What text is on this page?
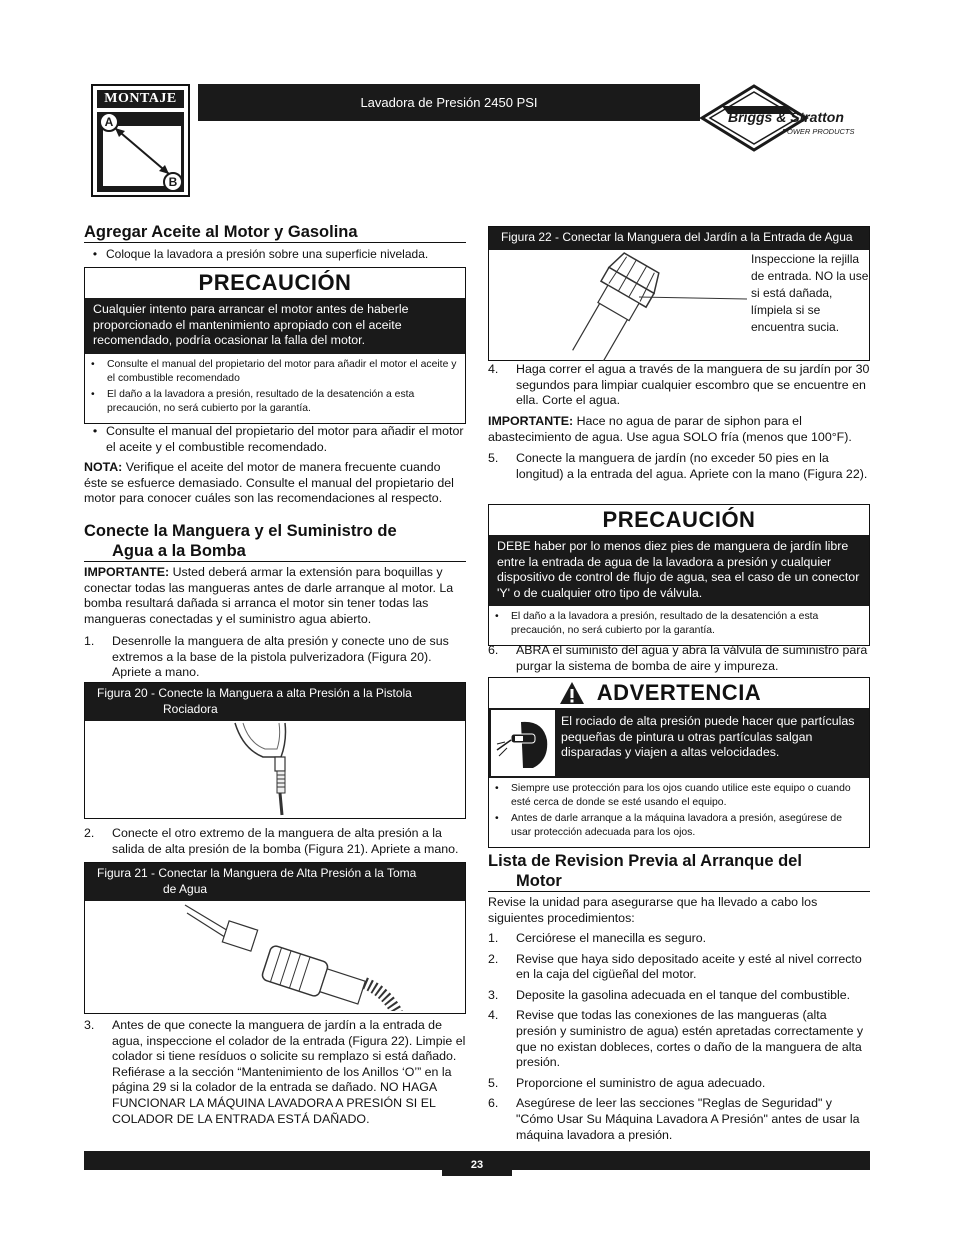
MONTAJE
A
B
Lavadora de Presión 2450 PSI
Briggs & Stratton
POWER PRODUCTS
Agregar Aceite al Motor y Gasolina
• Coloque la lavadora a presión sobre una superficie nivelada.
PRECAUCIÓN
Cualquier intento para arrancar el motor antes de haberle proporcionado el mantenimiento apropiado con el aceite recomendado, podría ocasionar la falla del motor.
•	Consulte el manual del propietario del motor para añadir el motor el aceite y el combustible recomendado
•	El daño a la lavadora a presión, resultado de la desatención a esta precaución, no será cubierto por la garantía.
• Consulte el manual del propietario del motor para añadir el motor el aceite y el combustible recomendado.
NOTA: Verifique el aceite del motor de manera frecuente cuando éste se esfuerce demasiado. Consulte el manual del propietario del motor para conocer cuáles son las recomendaciones al respecto.
Conecte la Manguera y el Suministro de
Agua a la Bomba
IMPORTANTE: Usted deberá armar la extensión para boquillas y conectar todas las mangueras antes de darle arranque al motor. La bomba resultará dañada si arranca el motor sin tener todas las mangueras conectadas y el suministro agua abierto.
1.	Desenrolle la manguera de alta presión y conecte uno de sus extremos a la base de la pistola pulverizadora (Figura 20). Apriete a mano.
Figura 20 - Conecte la Manguera a alta Presión a la Pistola
Rociadora
2.	Conecte el otro extremo de la manguera de alta presión a la salida de alta presión de la bomba (Figura 21). Apriete a mano.
Figura 21 - Conectar la Manguera de Alta Presión a la Toma
de Agua
3.	Antes de que conecte la manguera de jardín a la entrada de agua, inspeccione el colador de la entrada (Figura 22). Limpie el colador si tiene resíduos o solicite su remplazo si está dañado. Refiérase a la sección “Mantenimiento de los Anillos ‘O’” en la página 29 si la colador de la entrada se dañado. NO HAGA FUNCIONAR LA MÁQUINA LAVADORA A PRESIÓN SI EL COLADOR DE LA ENTRADA ESTÁ DAÑADO.
Figura 22 - Conectar la Manguera del Jardín a la Entrada de Agua
Inspeccione la rejilla de entrada. NO la use si está dañada, límpiela si se encuentra sucia.
4.	Haga correr el agua a través de la manguera de su jardín por 30 segundos para limpiar cualquier escombro que se encuentre en ella. Corte el agua.
IMPORTANTE: Hace no agua de parar de siphon para el abastecimiento de agua. Use agua SOLO fría (menos que 100°F).
5.	Conecte la manguera de jardín (no exceder 50 pies en la longitud) a la entrada del agua. Apriete con la mano (Figura 22).
PRECAUCIÓN
DEBE haber por lo menos diez pies de manguera de jardín libre entre la entrada de agua de la lavadora a presión y cualquier dispositivo de control de flujo de agua, sea el caso de un conector 'Y' o de cualquier otro tipo de válvula.
•	El daño a la lavadora a presión, resultado de la desatención a esta precaución, no será cubierto por la garantía.
6.	ABRA el suministo del agua y abra la válvula de suministro para purgar la sistema de bomba de aire y impureza.
ADVERTENCIA
El rociado de alta presión puede hacer que partículas pequeñas de pintura u otras partículas salgan disparadas y viajen a altas velocidades.
•	Siempre use protección para los ojos cuando utilice este equipo o cuando esté cerca de donde se esté usando el equipo.
•	Antes de darle arranque a la máquina lavadora a presión, asegúrese de usar protección adecuada para los ojos.
Lista de Revision Previa al Arranque del
Motor
Revise la unidad para asegurarse que ha llevado a cabo los siguientes procedimientos:
1.	Cerciórese el manecilla es seguro.
2.	Revise que haya sido depositado aceite y esté al nivel correcto en la caja del cigüeñal del motor.
3.	Deposite la gasolina adecuada en el tanque del combustible.
4.	Revise que todas las conexiones de las mangueras (alta presión y suministro de agua) estén apretadas correctamente y que no existan dobleces, cortes o daño de la manguera de alta presión.
5.	Proporcione el suministro de agua adecuado.
6.	Asegúrese de leer las secciones "Reglas de Seguridad" y "Cómo Usar Su Máquina Lavadora A Presión" antes de usar la máquina lavadora a presión.
23
